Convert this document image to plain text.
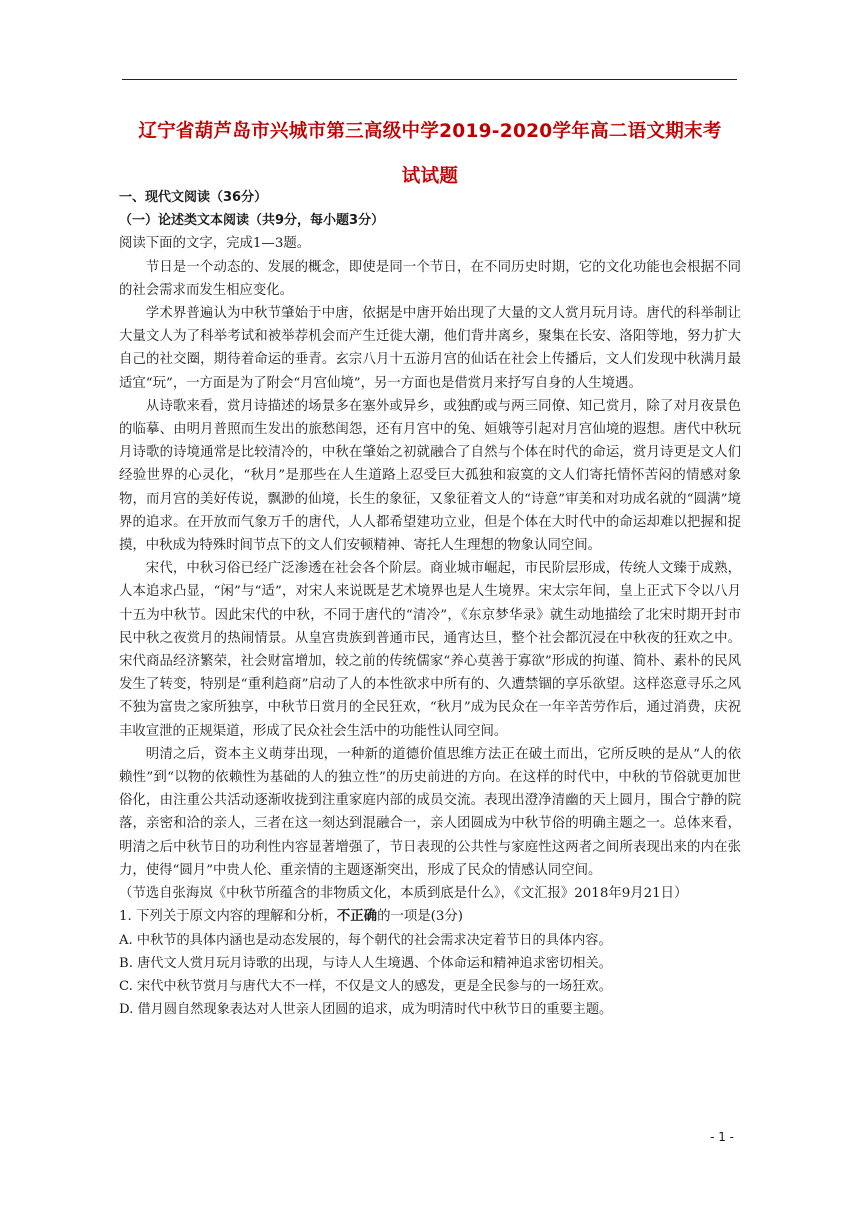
辽宁省葫芦岛市兴城市第三高级中学2019-2020学年高二语文期末考
试试题

一、现代文阅读（36分）

（一）论述类文本阅读（共9分，每小题3分）

阅读下面的文字，完成1—3题。

节日是一个动态的、发展的概念，即使是同一个节日，在不同历史时期，它的文化功能也会根据不同的社会需求而发生相应变化。

学术界普遍认为中秋节肇始于中唐，依据是中唐开始出现了大量的文人赏月玩月诗。唐代的科举制让大量文人为了科举考试和被举荐机会而产生迁徙大潮，他们背井离乡，聚集在长安、洛阳等地，努力扩大自己的社交圈，期待着命运的垂青。玄宗八月十五游月宫的仙话在社会上传播后，文人们发现中秋满月最适宜“玩”，一方面是为了附会“月宫仙境”，另一方面也是借赏月来抒写自身的人生境遇。

从诗歌来看，赏月诗描述的场景多在塞外或异乡，或独酌或与两三同僚、知己赏月，除了对月夜景色的临摹、由明月普照而生发出的旅愁闺怨，还有月宫中的兔、姮娥等引起对月宫仙境的遐想。唐代中秋玩月诗歌的诗境通常是比较清冷的，中秋在肇始之初就融合了自然与个体在时代的命运，赏月诗更是文人们经验世界的心灵化，“秋月”是那些在人生道路上忍受巨大孤独和寂寞的文人们寄托情怀苦闷的情感对象物，而月宫的美好传说，飘渺的仙境，长生的象征，又象征着文人的“诗意”审美和对功成名就的“圆满”境界的追求。在开放而气象万千的唐代，人人都希望建功立业，但是个体在大时代中的命运却难以把握和捉摸，中秋成为特殊时间节点下的文人们安顿精神、寄托人生理想的物象认同空间。

宋代，中秋习俗已经广泛渗透在社会各个阶层。商业城市崛起，市民阶层形成，传统人文臻于成熟，人本追求凸显，“闲”与“适”，对宋人来说既是艺术境界也是人生境界。宋太宗年间，皇上正式下令以八月十五为中秋节。因此宋代的中秋，不同于唐代的“清冷”，《东京梦华录》就生动地描绘了北宋时期开封市民中秋之夜赏月的热闹情景。从皇宫贵族到普通市民，通宵达旦，整个社会都沉浸在中秋夜的狂欢之中。宋代商品经济繁荣，社会财富增加，较之前的传统儒家“养心莫善于寡欲”形成的拘谨、简朴、素朴的民风发生了转变，特别是“重利趋商”启动了人的本性欲求中所有的、久遭禁锢的享乐欲望。这样恣意寻乐之风不独为富贵之家所独享，中秋节日赏月的全民狂欢，“秋月”成为民众在一年辛苦劳作后，通过消费，庆祝丰收宣泄的正规渠道，形成了民众社会生活中的功能性认同空间。

明清之后，资本主义萌芽出现，一种新的道德价值思维方法正在破土而出，它所反映的是从“人的依赖性”到“以物的依赖性为基础的人的独立性”的历史前进的方向。在这样的时代中，中秋的节俗就更加世俗化，由注重公共活动逐渐收拢到注重家庭内部的成员交流。表现出澄净清幽的天上圆月，围合宁静的院落，亲密和洽的亲人，三者在这一刻达到混融合一，亲人团圆成为中秋节俗的明确主题之一。总体来看，明清之后中秋节日的功利性内容显著增强了，节日表现的公共性与家庭性这两者之间所表现出来的内在张力，使得“圆月”中贵人伦、重亲情的主题逐渐突出，形成了民众的情感认同空间。

（节选自张海岚《中秋节所蕴含的非物质文化，本质到底是什么》，《文汇报》2018年9月21日）

1. 下列关于原文内容的理解和分析，不正确的一项是(3分)

A. 中秋节的具体内涵也是动态发展的，每个朝代的社会需求决定着节日的具体内容。

B. 唐代文人赏月玩月诗歌的出现，与诗人人生境遇、个体命运和精神追求密切相关。

C. 宋代中秋节赏月与唐代大不一样，不仅是文人的感发，更是全民参与的一场狂欢。

D. 借月圆自然现象表达对人世亲人团圆的追求，成为明清时代中秋节日的重要主题。

- 1 -
